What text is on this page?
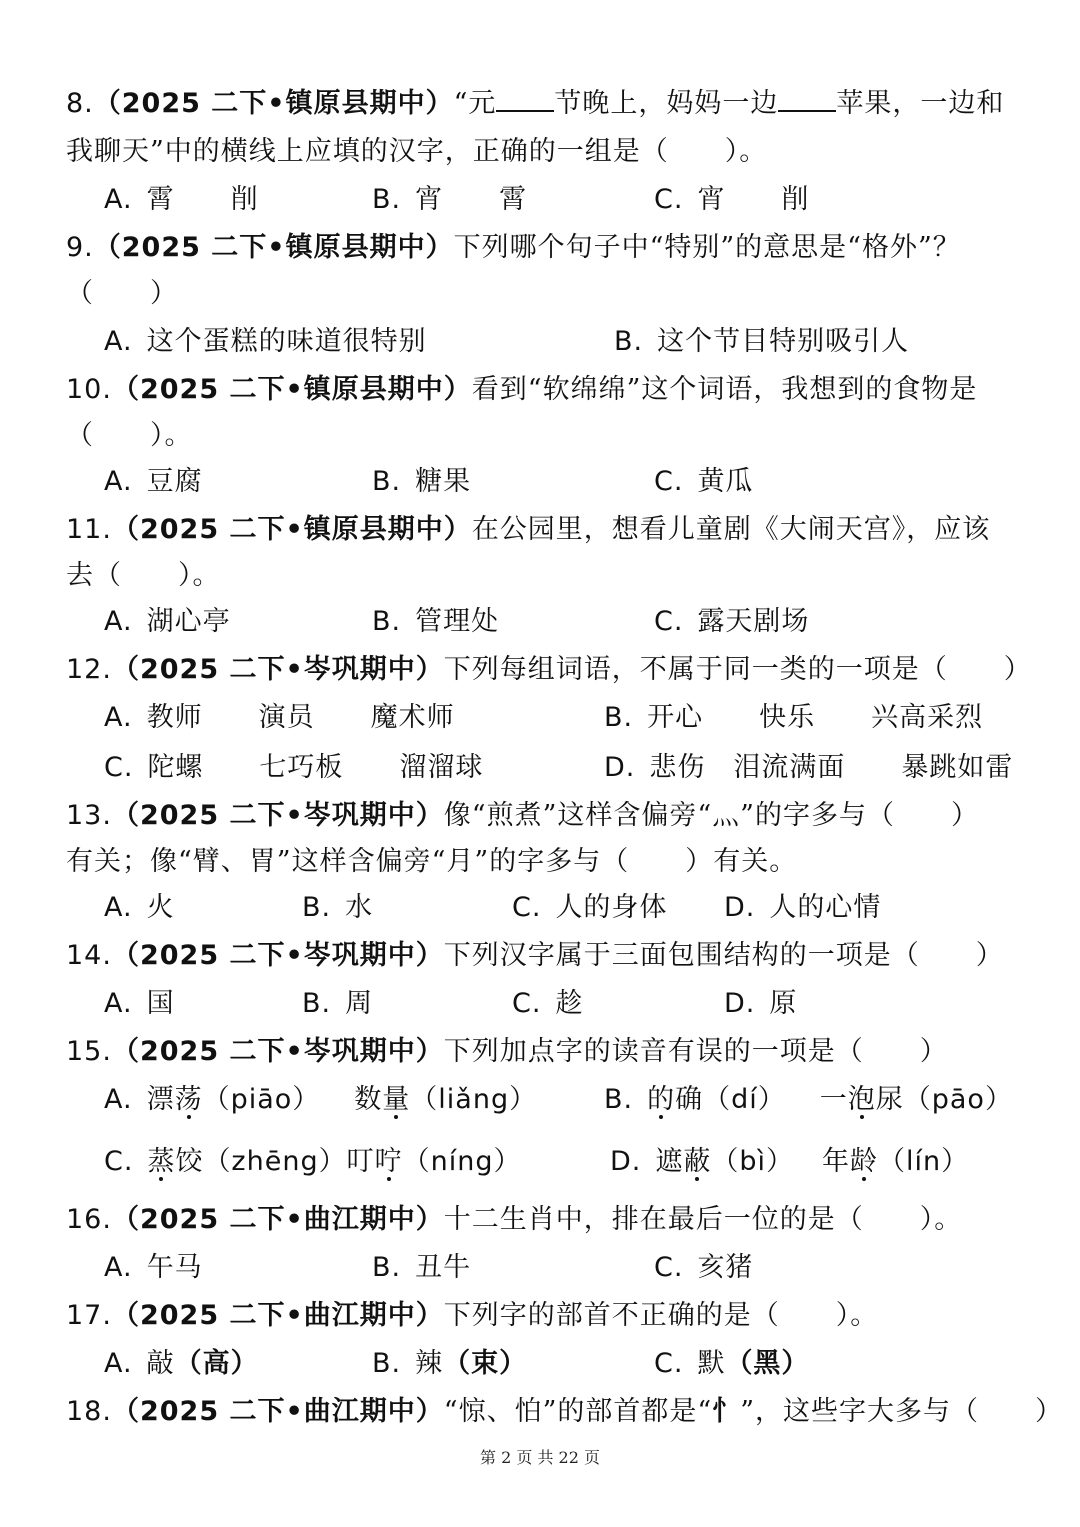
8.（2025 二下•镇原县期中）“元 节晚上，妈妈一边 苹果，一边和
我聊天”中的横线上应填的汉字，正确的一组是（　　）。
A. 霄　　削	B. 宵　　霄	C. 宵　　削
9.（2025 二下•镇原县期中）下列哪个句子中“特别”的意思是“格外”？
（　　）
A. 这个蛋糕的味道很特别	B. 这个节目特别吸引人
10.（2025 二下•镇原县期中）看到“软绵绵”这个词语，我想到的食物是
（　　）。
A. 豆腐	B. 糖果	C. 黄瓜
11.（2025 二下•镇原县期中）在公园里，想看儿童剧《大闹天宫》，应该
去（　　）。
A. 湖心亭	B. 管理处	C. 露天剧场
12.（2025 二下•岑巩期中）下列每组词语，不属于同一类的一项是（　　）
A. 教师　　演员　　魔术师	B. 开心　　快乐　　兴高采烈
C. 陀螺　　七巧板　　溜溜球	D. 悲伤　泪流满面　　暴跳如雷
13.（2025 二下•岑巩期中）像“煎煮”这样含偏旁“灬”的字多与（　　）
有关；像“臂、胃”这样含偏旁“月”的字多与（　　）有关。
A. 火	B. 水	C. 人的身体 D. 人的心情
14.（2025 二下•岑巩期中）下列汉字属于三面包围结构的一项是（　　）
A. 国	B. 周	C. 趁	D. 原
15.（2025 二下•岑巩期中）下列加点字的读音有误的一项是（　　）
A. 漂荡（piāo） 数量（liǎng） B. 的确（dí） 一泡尿（pāo）
C. 蒸饺（zhēng）叮咛（níng）	D. 遮蔽（bì） 年龄（lín）
16.（2025 二下•曲江期中）十二生肖中，排在最后一位的是（　　）。
A. 午马	B. 丑牛	C. 亥猪
17.（2025 二下•曲江期中）下列字的部首不正确的是（　　）。
A. 敲（高）	B. 辣（束）	C. 默（黑）
18.（2025 二下•曲江期中）“惊、怕”的部首都是“忄”，这些字大多与（　　）
第 2 页 共 22 页
